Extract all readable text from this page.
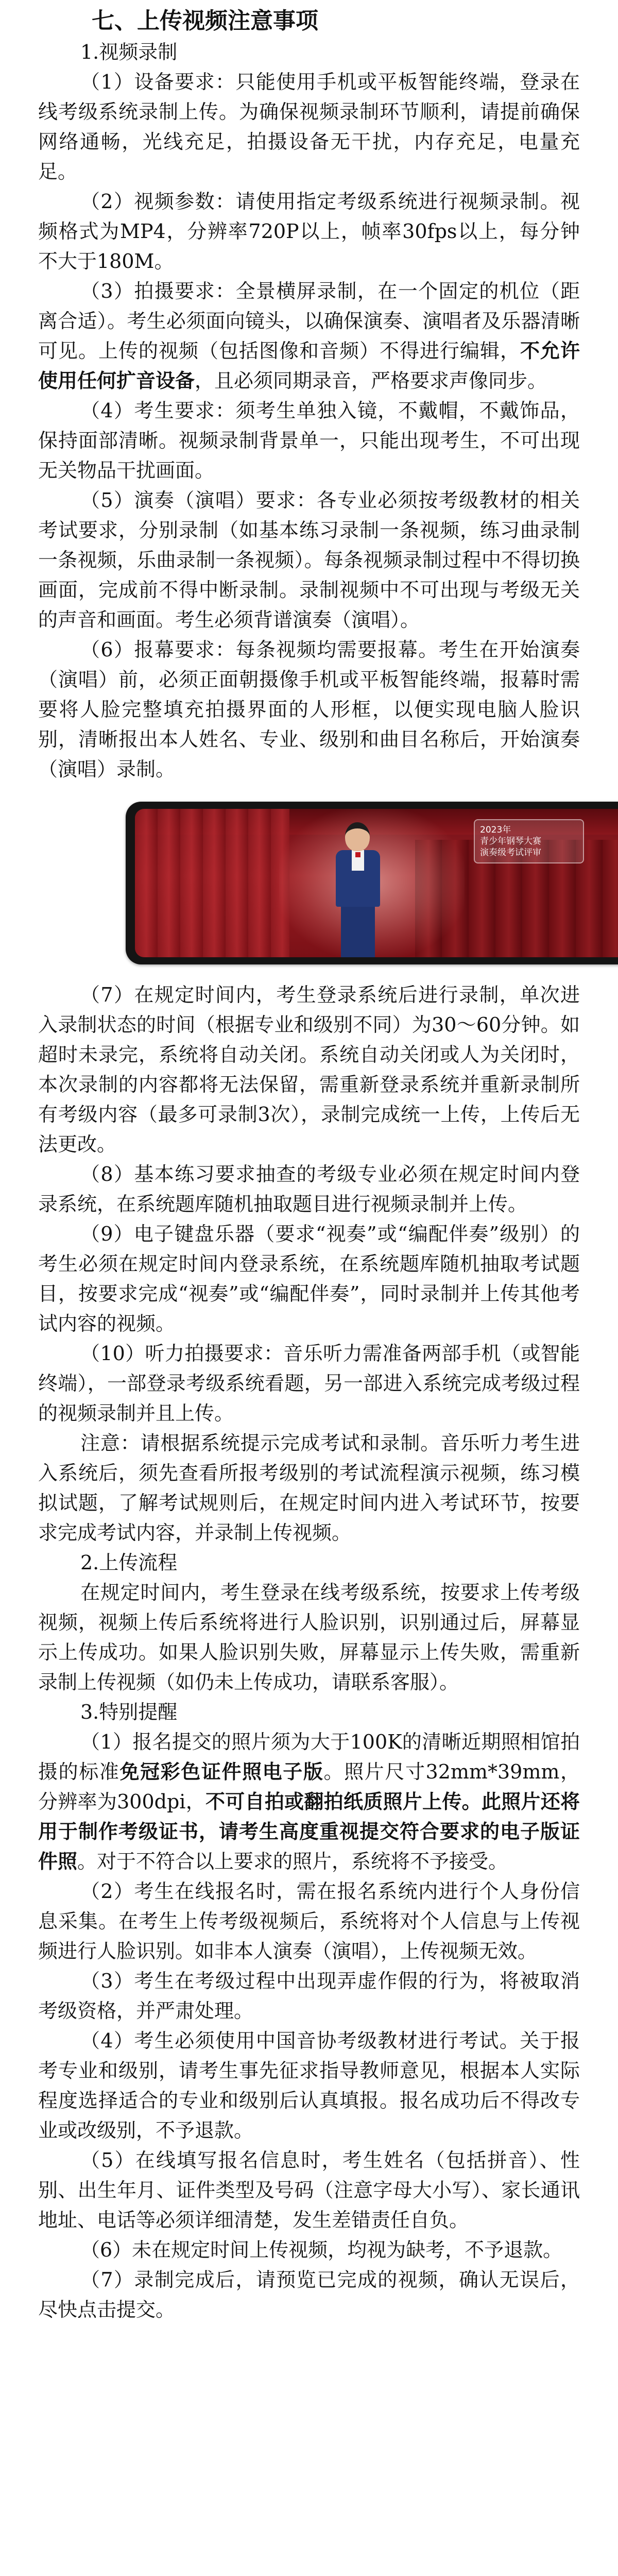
七、上传视频注意事项

1.视频录制

（1）设备要求：只能使用手机或平板智能终端，登录在线考级系统录制上传。为确保视频录制环节顺利，请提前确保网络通畅，光线充足，拍摄设备无干扰，内存充足，电量充足。

（2）视频参数：请使用指定考级系统进行视频录制。视频格式为MP4，分辨率720P以上，帧率30fps以上，每分钟不大于180M。

（3）拍摄要求：全景横屏录制，在一个固定的机位（距离合适）。考生必须面向镜头，以确保演奏、演唱者及乐器清晰可见。上传的视频（包括图像和音频）不得进行编辑，不允许使用任何扩音设备，且必须同期录音，严格要求声像同步。

（4）考生要求：须考生单独入镜，不戴帽，不戴饰品，保持面部清晰。视频录制背景单一，只能出现考生，不可出现无关物品干扰画面。

（5）演奏（演唱）要求：各专业必须按考级教材的相关考试要求，分别录制（如基本练习录制一条视频，练习曲录制一条视频，乐曲录制一条视频）。每条视频录制过程中不得切换画面，完成前不得中断录制。录制视频中不可出现与考级无关的声音和画面。考生必须背谱演奏（演唱）。

（6）报幕要求：每条视频均需要报幕。考生在开始演奏（演唱）前，必须正面朝摄像手机或平板智能终端，报幕时需要将人脸完整填充拍摄界面的人形框，以便实现电脑人脸识别，清晰报出本人姓名、专业、级别和曲目名称后，开始演奏（演唱）录制。

2023年
青少年钢琴大赛
演奏级考试评审

（7）在规定时间内，考生登录系统后进行录制，单次进入录制状态的时间（根据专业和级别不同）为30～60分钟。如超时未录完，系统将自动关闭。系统自动关闭或人为关闭时，本次录制的内容都将无法保留，需重新登录系统并重新录制所有考级内容（最多可录制3次），录制完成统一上传，上传后无法更改。

（8）基本练习要求抽查的考级专业必须在规定时间内登录系统，在系统题库随机抽取题目进行视频录制并上传。

（9）电子键盘乐器（要求“视奏”或“编配伴奏”级别）的考生必须在规定时间内登录系统，在系统题库随机抽取考试题目，按要求完成“视奏”或“编配伴奏”，同时录制并上传其他考试内容的视频。

（10）听力拍摄要求：音乐听力需准备两部手机（或智能终端），一部登录考级系统看题，另一部进入系统完成考级过程的视频录制并且上传。

注意：请根据系统提示完成考试和录制。音乐听力考生进入系统后，须先查看所报考级别的考试流程演示视频，练习模拟试题，了解考试规则后，在规定时间内进入考试环节，按要求完成考试内容，并录制上传视频。

2.上传流程

在规定时间内，考生登录在线考级系统，按要求上传考级视频，视频上传后系统将进行人脸识别，识别通过后，屏幕显示上传成功。如果人脸识别失败，屏幕显示上传失败，需重新录制上传视频（如仍未上传成功，请联系客服）。

3.特别提醒

（1）报名提交的照片须为大于100K的清晰近期照相馆拍摄的标准免冠彩色证件照电子版。照片尺寸32mm*39mm，分辨率为300dpi，不可自拍或翻拍纸质照片上传。此照片还将用于制作考级证书，请考生高度重视提交符合要求的电子版证件照。对于不符合以上要求的照片，系统将不予接受。

（2）考生在线报名时，需在报名系统内进行个人身份信息采集。在考生上传考级视频后，系统将对个人信息与上传视频进行人脸识别。如非本人演奏（演唱），上传视频无效。

（3）考生在考级过程中出现弄虚作假的行为，将被取消考级资格，并严肃处理。

（4）考生必须使用中国音协考级教材进行考试。关于报考专业和级别，请考生事先征求指导教师意见，根据本人实际程度选择适合的专业和级别后认真填报。报名成功后不得改专业或改级别，不予退款。

（5）在线填写报名信息时，考生姓名（包括拼音）、性别、出生年月、证件类型及号码（注意字母大小写）、家长通讯地址、电话等必须详细清楚，发生差错责任自负。

（6）未在规定时间上传视频，均视为缺考，不予退款。

（7）录制完成后，请预览已完成的视频，确认无误后，尽快点击提交。
